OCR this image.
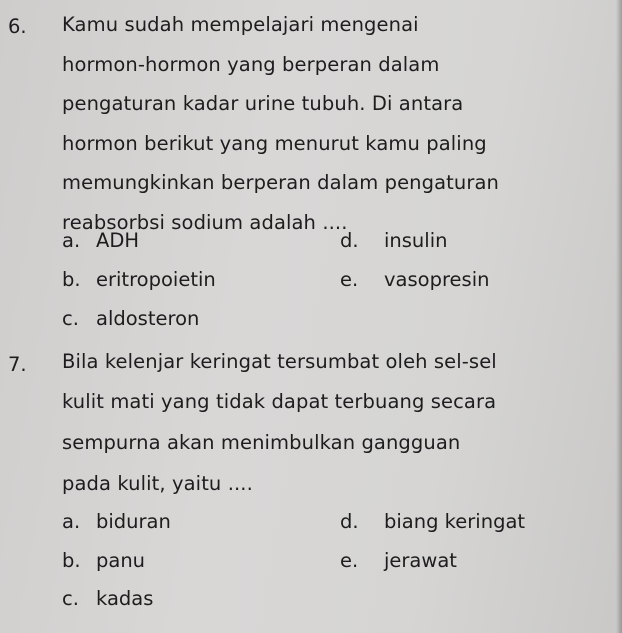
6. Kamu sudah mempelajari mengenai
hormon-hormon yang berperan dalam
pengaturan kadar urine tubuh. Di antara
hormon berikut yang menurut kamu paling
memungkinkan berperan dalam pengaturan
reabsorbsi sodium adalah ....
a. ADH
b. eritropoietin
c. aldosteron
d. insulin
e. vasopresin
7. Bila kelenjar keringat tersumbat oleh sel-sel
kulit mati yang tidak dapat terbuang secara
sempurna akan menimbulkan gangguan
pada kulit, yaitu ....
a. biduran
b. panu
c. kadas
d. biang keringat
e. jerawat
